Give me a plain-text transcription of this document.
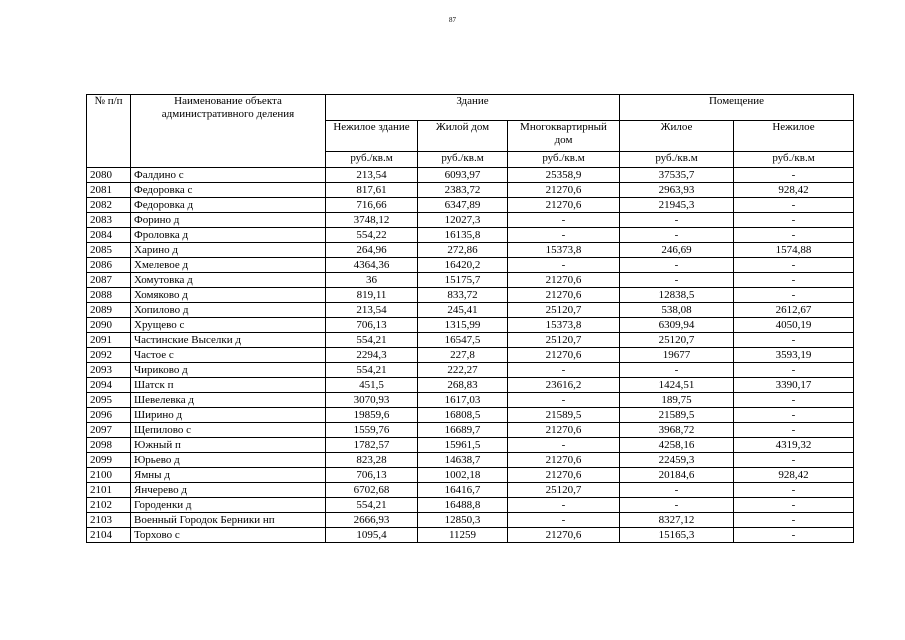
87
№ п/п	Наименование объекта административного деления	Здание			Помещение	
		Нежилое здание	Жилой дом	Многоквартирный дом	Жилое	Нежилое
		руб./кв.м	руб./кв.м	руб./кв.м	руб./кв.м	руб./кв.м
2080	Фалдино с	213,54	6093,97	25358,9	37535,7	-
2081	Федоровка с	817,61	2383,72	21270,6	2963,93	928,42
2082	Федоровка д	716,66	6347,89	21270,6	21945,3	-
2083	Форино д	3748,12	12027,3	-	-	-
2084	Фроловка д	554,22	16135,8	-	-	-
2085	Харино д	264,96	272,86	15373,8	246,69	1574,88
2086	Хмелевое д	4364,36	16420,2	-	-	-
2087	Хомутовка д	36	15175,7	21270,6	-	-
2088	Хомяково д	819,11	833,72	21270,6	12838,5	-
2089	Хопилово д	213,54	245,41	25120,7	538,08	2612,67
2090	Хрущево с	706,13	1315,99	15373,8	6309,94	4050,19
2091	Частинские Выселки д	554,21	16547,5	25120,7	25120,7	-
2092	Частое с	2294,3	227,8	21270,6	19677	3593,19
2093	Чириково д	554,21	222,27	-	-	-
2094	Шатск п	451,5	268,83	23616,2	1424,51	3390,17
2095	Шевелевка д	3070,93	1617,03	-	189,75	-
2096	Ширино д	19859,6	16808,5	21589,5	21589,5	-
2097	Щепилово с	1559,76	16689,7	21270,6	3968,72	-
2098	Южный п	1782,57	15961,5	-	4258,16	4319,32
2099	Юрьево д	823,28	14638,7	21270,6	22459,3	-
2100	Ямны д	706,13	1002,18	21270,6	20184,6	928,42
2101	Янчерево д	6702,68	16416,7	25120,7	-	-
2102	Городенки д	554,21	16488,8	-	-	-
2103	Военный Городок Берники нп	2666,93	12850,3	-	8327,12	-
2104	Торхово с	1095,4	11259	21270,6	15165,3	-
